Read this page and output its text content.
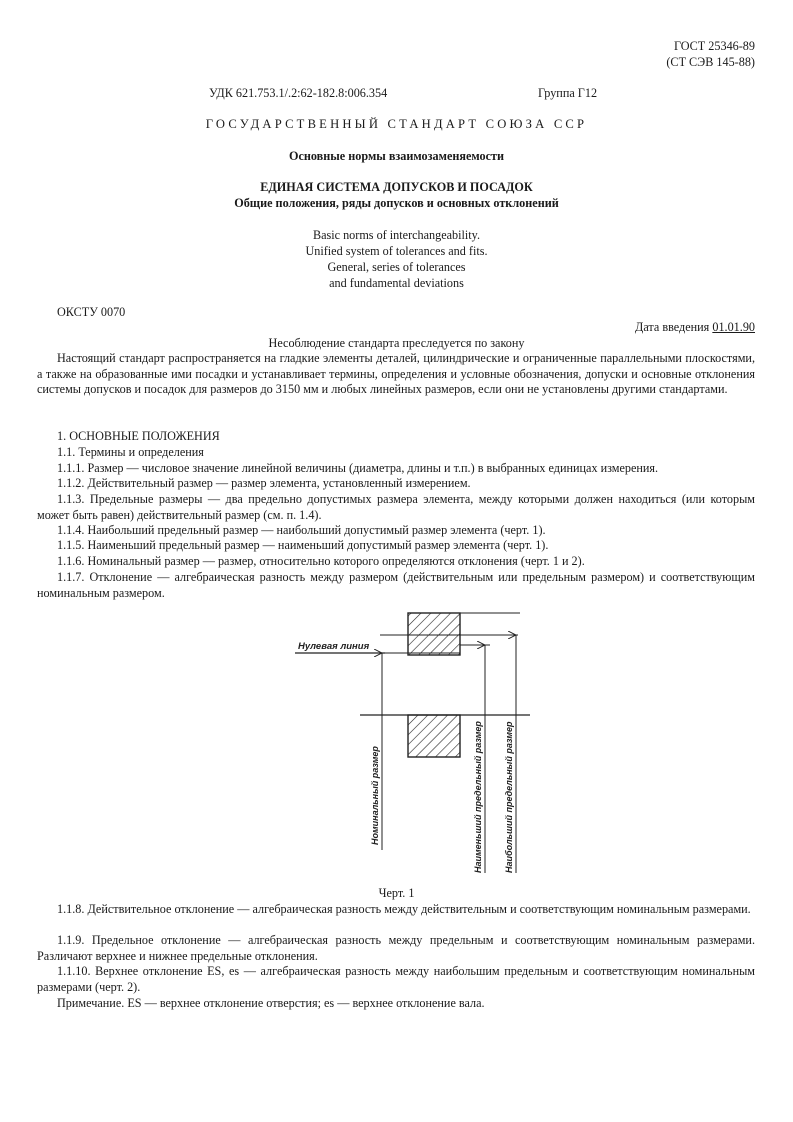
ГОСТ 25346-89
(СТ СЭВ 145-88)
УДК 621.753.1/.2:62-182.8:006.354	Группа Г12
ГОСУДАРСТВЕННЫЙ СТАНДАРТ СОЮЗА ССР
Основные нормы взаимозаменяемости
ЕДИНАЯ СИСТЕМА ДОПУСКОВ И ПОСАДОК
Общие положения, ряды допусков и основных отклонений
Basic norms of interchangeability.
Unified system of tolerances and fits.
General, series of tolerances
and fundamental deviations
ОКСТУ 0070
Дата введения 01.01.90
Несоблюдение стандарта преследуется по закону
Настоящий стандарт распространяется на гладкие элементы деталей, цилиндрические и ограниченные параллельными плоскостями, а также на образованные ими посадки и устанавливает термины, определения и условные обозначения, допуски и основные отклонения системы допусков и посадок для размеров до 3150 мм и любых линейных размеров, если они не установлены другими стандартами.
1. ОСНОВНЫЕ ПОЛОЖЕНИЯ
1.1. Термины и определения
1.1.1. Размер — числовое значение линейной величины (диаметра, длины и т.п.) в выбранных единицах измерения.
1.1.2. Действительный размер — размер элемента, установленный измерением.
1.1.3. Предельные размеры — два предельно допустимых размера элемента, между которыми должен находиться (или которым может быть равен) действительный размер (см. п. 1.4).
1.1.4. Наибольший предельный размер — наибольший допустимый размер элемента (черт. 1).
1.1.5. Наименьший предельный размер — наименьший допустимый размер элемента (черт. 1).
1.1.6. Номинальный размер — размер, относительно которого определяются отклонения (черт. 1 и 2).
1.1.7. Отклонение — алгебраическая разность между размером (действительным или предельным размером) и соответствующим номинальным размером.
Нулевая линия
Номинальный размер	Наименьший предельный размер Наибольший предельный размер
Черт. 1
1.1.8. Действительное отклонение — алгебраическая разность между действительным и соответствующим номинальным размерами.
1.1.9. Предельное отклонение — алгебраическая разность между предельным и соответствующим номинальным размерами. Различают верхнее и нижнее предельные отклонения.
1.1.10. Верхнее отклонение ES, es — алгебраическая разность между наибольшим предельным и соответствующим номинальным размерами (черт. 2).
Примечание. ES — верхнее отклонение отверстия; es — верхнее отклонение вала.
